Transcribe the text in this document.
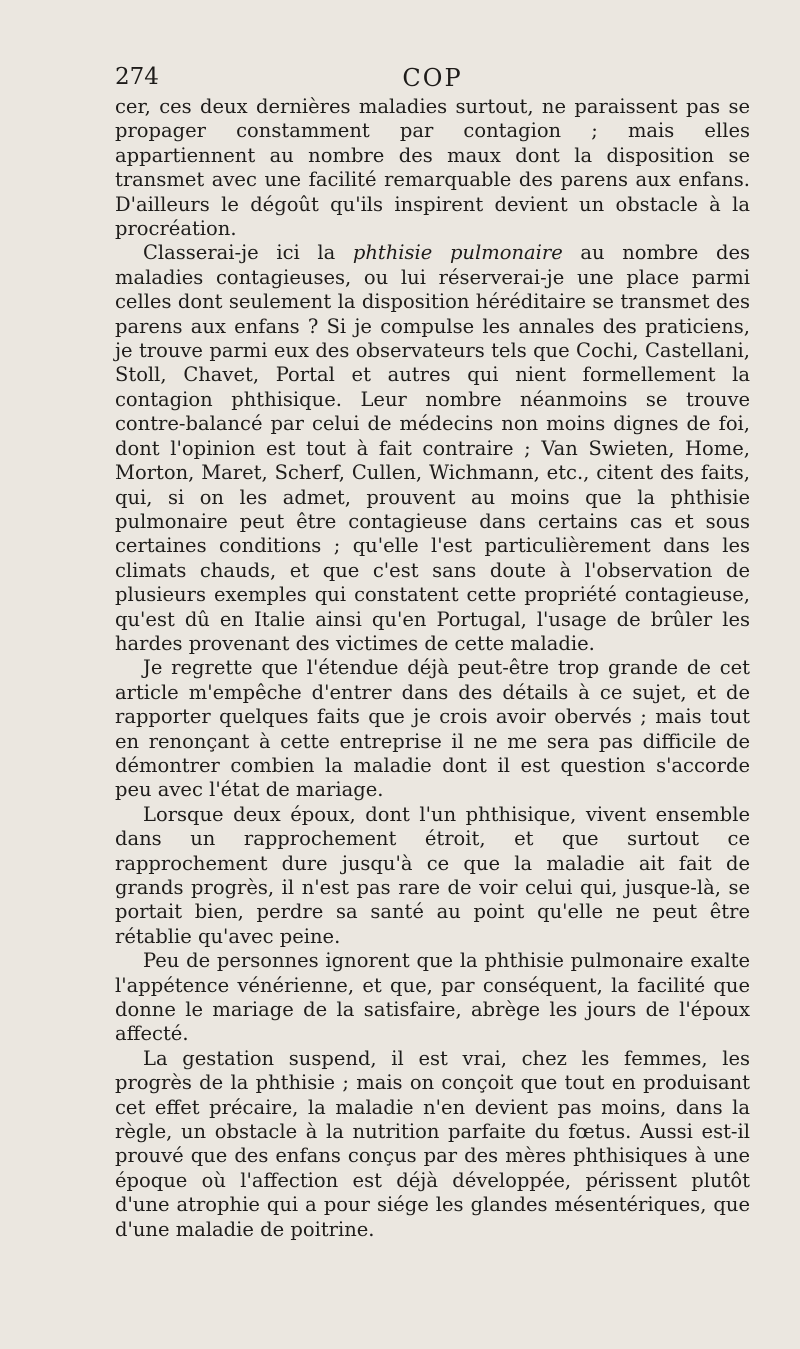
274	COP

cer, ces deux dernières maladies surtout, ne paraissent pas se propager constamment par contagion ; mais elles appartiennent au nombre des maux dont la disposition se transmet avec une facilité remarquable des parens aux enfans. D'ailleurs le dégoût qu'ils inspirent devient un obstacle à la procréation.

Classerai-je ici la phthisie pulmonaire au nombre des maladies contagieuses, ou lui réserverai-je une place parmi celles dont seulement la disposition héréditaire se transmet des parens aux enfans ? Si je compulse les annales des praticiens, je trouve parmi eux des observateurs tels que Cochi, Castellani, Stoll, Chavet, Portal et autres qui nient formellement la contagion phthisique. Leur nombre néanmoins se trouve contre-balancé par celui de médecins non moins dignes de foi, dont l'opinion est tout à fait contraire ; Van Swieten, Home, Morton, Maret, Scherf, Cullen, Wichmann, etc., citent des faits, qui, si on les admet, prouvent au moins que la phthisie pulmonaire peut être contagieuse dans certains cas et sous certaines conditions ; qu'elle l'est particulièrement dans les climats chauds, et que c'est sans doute à l'observation de plusieurs exemples qui constatent cette propriété contagieuse, qu'est dû en Italie ainsi qu'en Portugal, l'usage de brûler les hardes provenant des victimes de cette maladie.

Je regrette que l'étendue déjà peut-être trop grande de cet article m'empêche d'entrer dans des détails à ce sujet, et de rapporter quelques faits que je crois avoir obervés ; mais tout en renonçant à cette entreprise il ne me sera pas difficile de démontrer combien la maladie dont il est question s'accorde peu avec l'état de mariage.

Lorsque deux époux, dont l'un phthisique, vivent ensemble dans un rapprochement étroit, et que surtout ce rapprochement dure jusqu'à ce que la maladie ait fait de grands progrès, il n'est pas rare de voir celui qui, jusque-là, se portait bien, perdre sa santé au point qu'elle ne peut être rétablie qu'avec peine.

Peu de personnes ignorent que la phthisie pulmonaire exalte l'appétence vénérienne, et que, par conséquent, la facilité que donne le mariage de la satisfaire, abrège les jours de l'époux affecté.

La gestation suspend, il est vrai, chez les femmes, les progrès de la phthisie ; mais on conçoit que tout en produisant cet effet précaire, la maladie n'en devient pas moins, dans la règle, un obstacle à la nutrition parfaite du fœtus. Aussi est-il prouvé que des enfans conçus par des mères phthisiques à une époque où l'affection est déjà développée, périssent plutôt d'une atrophie qui a pour siége les glandes mésentériques, que d'une maladie de poitrine.
